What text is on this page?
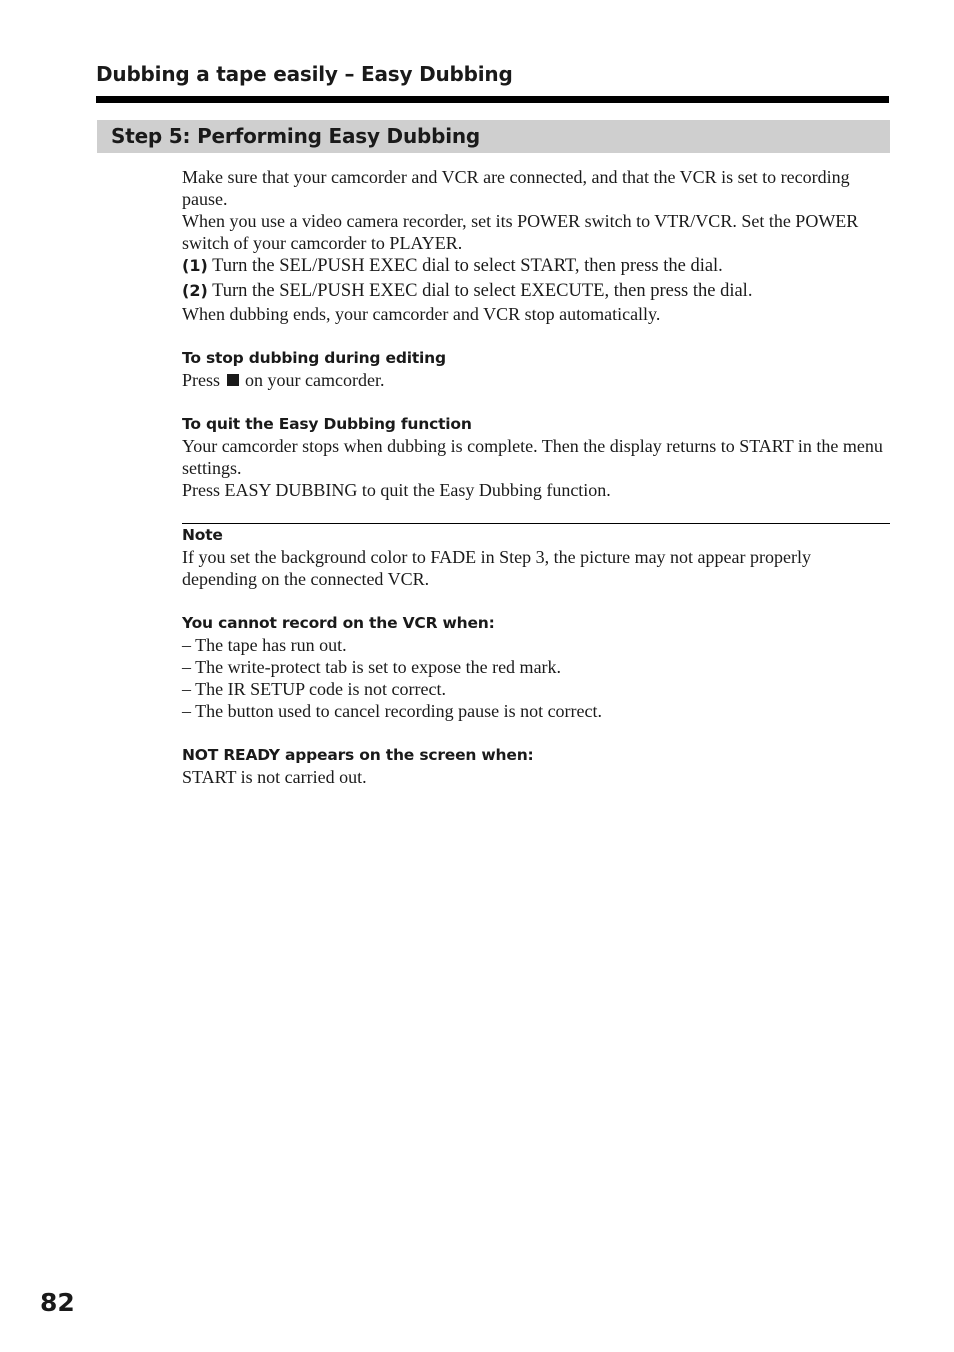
Dubbing a tape easily – Easy Dubbing
Step 5: Performing Easy Dubbing

Make sure that your camcorder and VCR are connected, and that the VCR is set to recording pause.

When you use a video camera recorder, set its POWER switch to VTR/VCR. Set the POWER switch of your camcorder to PLAYER.

(1) Turn the SEL/PUSH EXEC dial to select START, then press the dial.

(2) Turn the SEL/PUSH EXEC dial to select EXECUTE, then press the dial.

When dubbing ends, your camcorder and VCR stop automatically.

To stop dubbing during editing

Press on your camcorder.

To quit the Easy Dubbing function

Your camcorder stops when dubbing is complete. Then the display returns to START in the menu settings.

Press EASY DUBBING to quit the Easy Dubbing function.

Note

If you set the background color to FADE in Step 3, the picture may not appear properly depending on the connected VCR.

You cannot record on the VCR when:

– The tape has run out.

– The write-protect tab is set to expose the red mark.

– The IR SETUP code is not correct.

– The button used to cancel recording pause is not correct.

NOT READY appears on the screen when:

START is not carried out.

82
